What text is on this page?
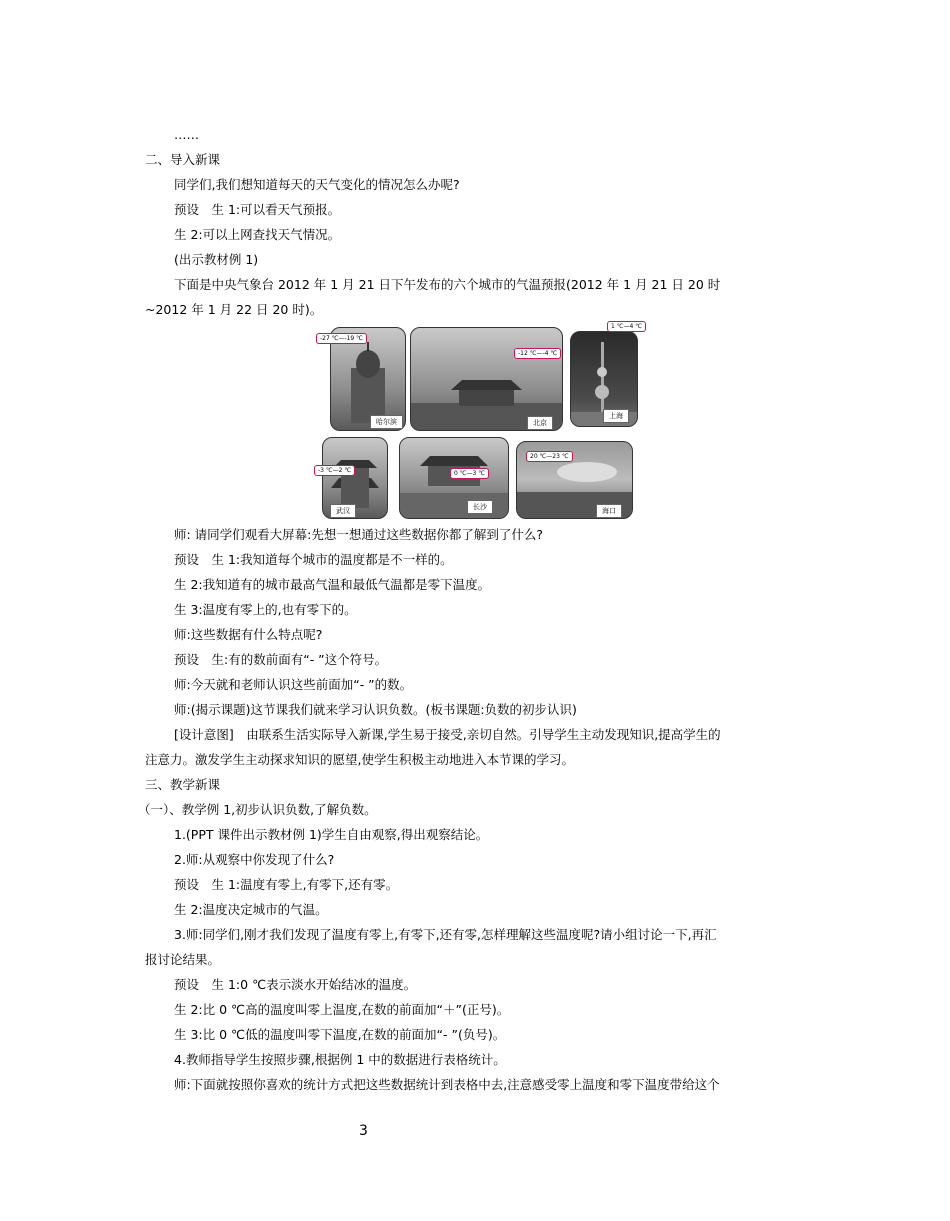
……
二、导入新课
同学们,我们想知道每天的天气变化的情况怎么办呢?
预设　生 1:可以看天气预报。
生 2:可以上网查找天气情况。
(出示教材例 1)
下面是中央气象台 2012 年 1 月 21 日下午发布的六个城市的气温预报(2012 年 1 月 21 日 20 时
~2012 年 1 月 22 日 20 时)。
-27 ℃—-19 ℃
哈尔滨
-12 ℃—-4 ℃
北京
1 ℃—4 ℃
上海
-3 ℃—2 ℃
武汉
0 ℃—3 ℃
长沙
20 ℃—23 ℃
海口
师: 请同学们观看大屏幕:先想一想通过这些数据你都了解到了什么?
预设　生 1:我知道每个城市的温度都是不一样的。
生 2:我知道有的城市最高气温和最低气温都是零下温度。
生 3:温度有零上的,也有零下的。
师:这些数据有什么特点呢?
预设　生:有的数前面有“- ”这个符号。
师:今天就和老师认识这些前面加“- ”的数。
师:(揭示课题)这节课我们就来学习认识负数。(板书课题:负数的初步认识)
[设计意图]　由联系生活实际导入新课,学生易于接受,亲切自然。引导学生主动发现知识,提高学生的
注意力。激发学生主动探求知识的愿望,使学生积极主动地进入本节课的学习。
三、教学新课
（一）、教学例 1,初步认识负数,了解负数。
1.(PPT 课件出示教材例 1)学生自由观察,得出观察结论。
2.师:从观察中你发现了什么?
预设　生 1:温度有零上,有零下,还有零。
生 2:温度决定城市的气温。
3.师:同学们,刚才我们发现了温度有零上,有零下,还有零,怎样理解这些温度呢?请小组讨论一下,再汇
报讨论结果。
预设　生 1:0 ℃表示淡水开始结冰的温度。
生 2:比 0 ℃高的温度叫零上温度,在数的前面加“＋”(正号)。
生 3:比 0 ℃低的温度叫零下温度,在数的前面加“- ”(负号)。
4.教师指导学生按照步骤,根据例 1 中的数据进行表格统计。
师:下面就按照你喜欢的统计方式把这些数据统计到表格中去,注意感受零上温度和零下温度带给这个
3
